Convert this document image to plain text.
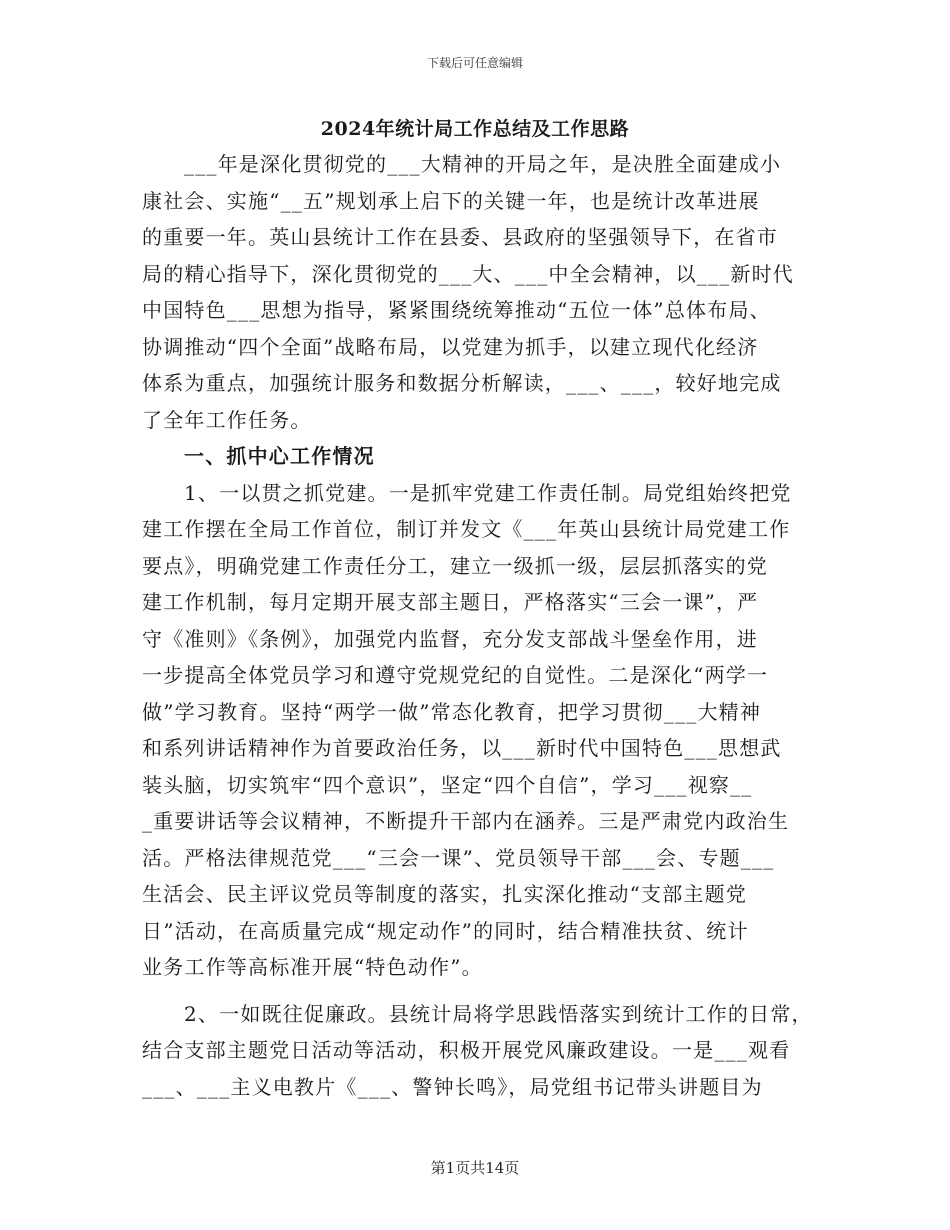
下载后可任意编辑
2024年统计局工作总结及工作思路
___年是深化贯彻党的___大精神的开局之年，是决胜全面建成小
康社会、实施“__五”规划承上启下的关键一年，也是统计改革进展
的重要一年。英山县统计工作在县委、县政府的坚强领导下，在省市
局的精心指导下，深化贯彻党的___大、___中全会精神，以___新时代
中国特色___思想为指导，紧紧围绕统筹推动“五位一体”总体布局、
协调推动“四个全面”战略布局，以党建为抓手，以建立现代化经济
体系为重点，加强统计服务和数据分析解读，___、___，较好地完成
了全年工作任务。
一、抓中心工作情况
1、一以贯之抓党建。一是抓牢党建工作责任制。局党组始终把党
建工作摆在全局工作首位，制订并发文《___年英山县统计局党建工作
要点》，明确党建工作责任分工，建立一级抓一级，层层抓落实的党
建工作机制，每月定期开展支部主题日，严格落实“三会一课”，严
守《准则》《条例》，加强党内监督，充分发支部战斗堡垒作用，进
一步提高全体党员学习和遵守党规党纪的自觉性。二是深化“两学一
做”学习教育。坚持“两学一做”常态化教育，把学习贯彻___大精神
和系列讲话精神作为首要政治任务，以___新时代中国特色___思想武
装头脑，切实筑牢“四个意识”，坚定“四个自信”，学习___视察__
_重要讲话等会议精神，不断提升干部内在涵养。三是严肃党内政治生
活。严格法律规范党___“三会一课”、党员领导干部___会、专题___
生活会、民主评议党员等制度的落实，扎实深化推动“支部主题党
日”活动，在高质量完成“规定动作”的同时，结合精准扶贫、统计
业务工作等高标准开展“特色动作”。
2、一如既往促廉政。县统计局将学思践悟落实到统计工作的日常，
结合支部主题党日活动等活动，积极开展党风廉政建设。一是___观看
___、___主义电教片《___、警钟长鸣》，局党组书记带头讲题目为
第1页共14页
